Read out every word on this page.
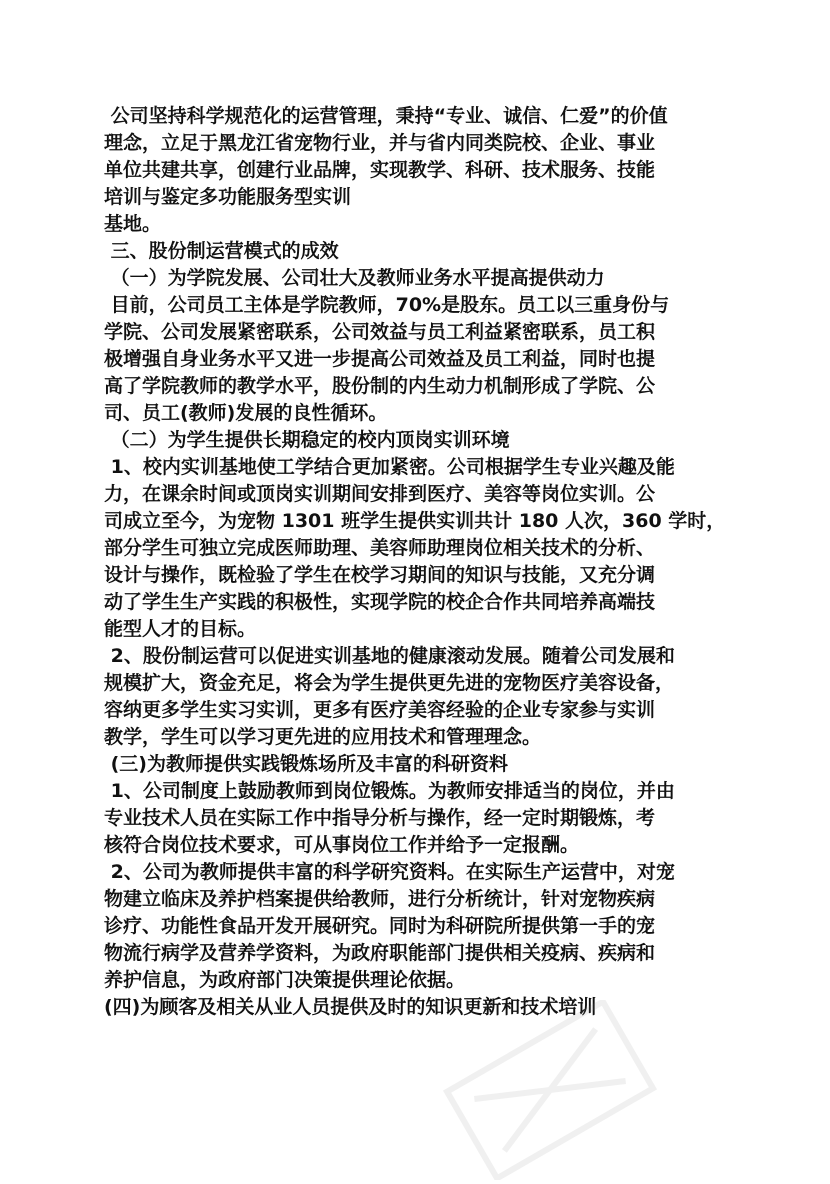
公司坚持科学规范化的运营管理，秉持“专业、诚信、仁爱”的价值
理念，立足于黑龙江省宠物行业，并与省内同类院校、企业、事业
单位共建共享，创建行业品牌，实现教学、科研、技术服务、技能
培训与鉴定多功能服务型实训
基地。
三、股份制运营模式的成效
（一）为学院发展、公司壮大及教师业务水平提高提供动力
目前，公司员工主体是学院教师，70%是股东。员工以三重身份与
学院、公司发展紧密联系，公司效益与员工利益紧密联系，员工积
极增强自身业务水平又进一步提高公司效益及员工利益，同时也提
高了学院教师的教学水平，股份制的内生动力机制形成了学院、公
司、员工(教师)发展的良性循环。
（二）为学生提供长期稳定的校内顶岗实训环境
1、校内实训基地使工学结合更加紧密。公司根据学生专业兴趣及能
力，在课余时间或顶岗实训期间安排到医疗、美容等岗位实训。公
司成立至今，为宠物 1301 班学生提供实训共计 180 人次，360 学时，
部分学生可独立完成医师助理、美容师助理岗位相关技术的分析、
设计与操作，既检验了学生在校学习期间的知识与技能，又充分调
动了学生生产实践的积极性，实现学院的校企合作共同培养高端技
能型人才的目标。
2、股份制运营可以促进实训基地的健康滚动发展。随着公司发展和
规模扩大，资金充足，将会为学生提供更先进的宠物医疗美容设备，
容纳更多学生实习实训，更多有医疗美容经验的企业专家参与实训
教学，学生可以学习更先进的应用技术和管理理念。
(三)为教师提供实践锻炼场所及丰富的科研资料
1、公司制度上鼓励教师到岗位锻炼。为教师安排适当的岗位，并由
专业技术人员在实际工作中指导分析与操作，经一定时期锻炼，考
核符合岗位技术要求，可从事岗位工作并给予一定报酬。
2、公司为教师提供丰富的科学研究资料。在实际生产运营中，对宠
物建立临床及养护档案提供给教师，进行分析统计，针对宠物疾病
诊疗、功能性食品开发开展研究。同时为科研院所提供第一手的宠
物流行病学及营养学资料，为政府职能部门提供相关疫病、疾病和
养护信息，为政府部门决策提供理论依据。
(四)为顾客及相关从业人员提供及时的知识更新和技术培训
